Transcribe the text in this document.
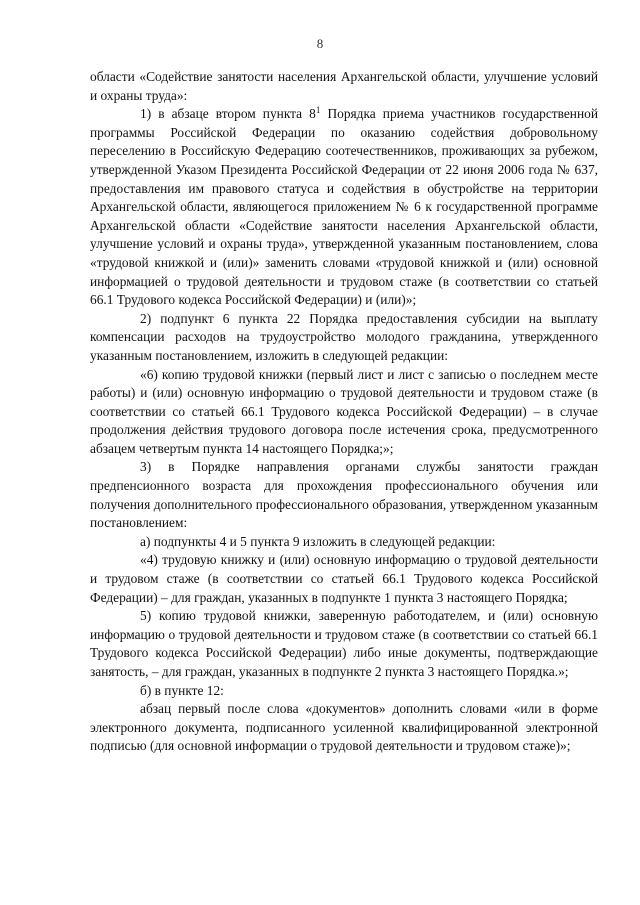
8

области «Содействие занятости населения Архангельской области, улучшение условий и охраны труда»:

1) в абзаце втором пункта $8^1$ Порядка приема участников государственной программы Российской Федерации по оказанию содействия добровольному переселению в Российскую Федерацию соотечественников, проживающих за рубежом, утвержденной Указом Президента Российской Федерации от 22 июня 2006 года № 637, предоставления им правового статуса и содействия в обустройстве на территории Архангельской области, являющегося приложением № 6 к государственной программе Архангельской области «Содействие занятости населения Архангельской области, улучшение условий и охраны труда», утвержденной указанным постановлением, слова «трудовой книжкой и (или)» заменить словами «трудовой книжкой и (или) основной информацией о трудовой деятельности и трудовом стаже (в соответствии со статьей 66.1 Трудового кодекса Российской Федерации) и (или)»;

2) подпункт 6 пункта 22 Порядка предоставления субсидии на выплату компенсации расходов на трудоустройство молодого гражданина, утвержденного указанным постановлением, изложить в следующей редакции:

«6) копию трудовой книжки (первый лист и лист с записью о последнем месте работы) и (или) основную информацию о трудовой деятельности и трудовом стаже (в соответствии со статьей 66.1 Трудового кодекса Российской Федерации) – в случае продолжения действия трудового договора после истечения срока, предусмотренного абзацем четвертым пункта 14 настоящего Порядка;»;

3) в Порядке направления органами службы занятости граждан предпенсионного возраста для прохождения профессионального обучения или получения дополнительного профессионального образования, утвержденном указанным постановлением:

а) подпункты 4 и 5 пункта 9 изложить в следующей редакции:

«4) трудовую книжку и (или) основную информацию о трудовой деятельности и трудовом стаже (в соответствии со статьей 66.1 Трудового кодекса Российской Федерации) – для граждан, указанных в подпункте 1 пункта 3 настоящего Порядка;

5) копию трудовой книжки, заверенную работодателем, и (или) основную информацию о трудовой деятельности и трудовом стаже (в соответствии со статьей 66.1 Трудового кодекса Российской Федерации) либо иные документы, подтверждающие занятость, – для граждан, указанных в подпункте 2 пункта 3 настоящего Порядка.»;

б) в пункте 12:

абзац первый после слова «документов» дополнить словами «или в форме электронного документа, подписанного усиленной квалифицированной электронной подписью (для основной информации о трудовой деятельности и трудовом стаже)»;
